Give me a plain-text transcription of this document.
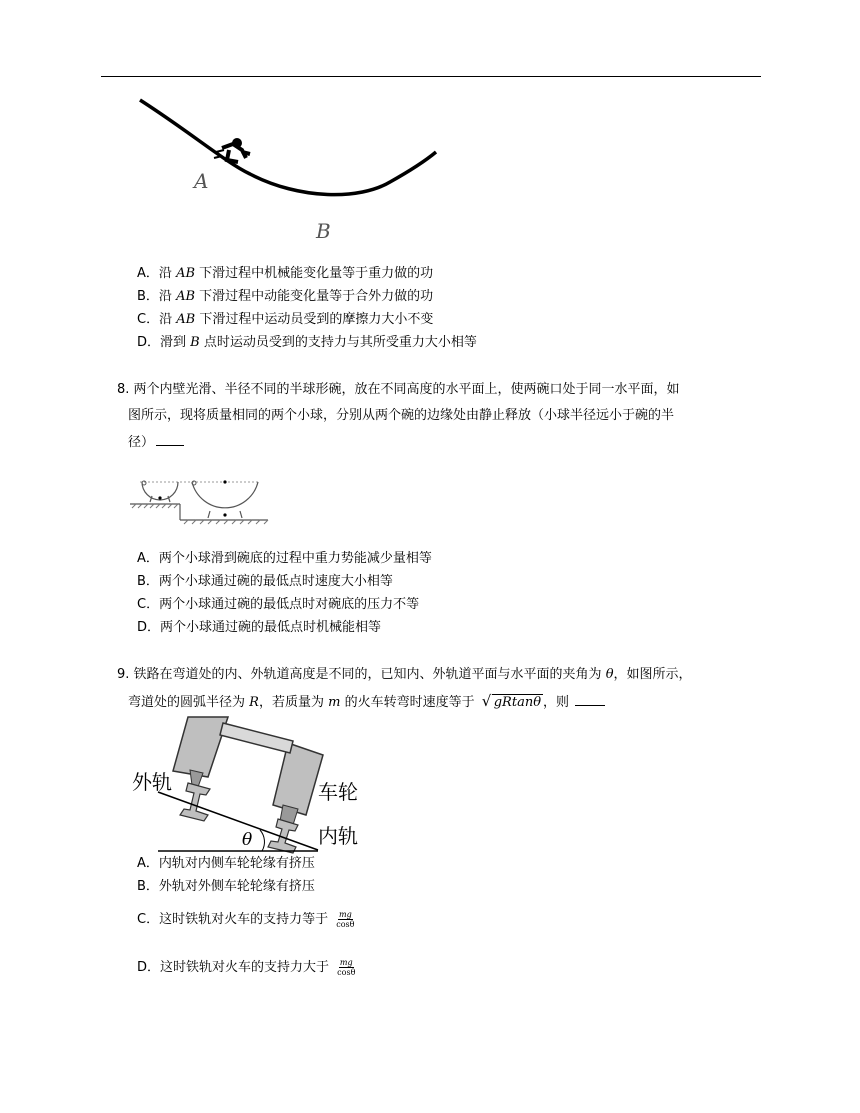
A
B
A．沿 AB 下滑过程中机械能变化量等于重力做的功
B．沿 AB 下滑过程中动能变化量等于合外力做的功
C．沿 AB 下滑过程中运动员受到的摩擦力大小不变
D．滑到 B 点时运动员受到的支持力与其所受重力大小相等
8. 两个内壁光滑、半径不同的半球形碗，放在不同高度的水平面上，使两碗口处于同一水平面，如
图所示，现将质量相同的两个小球，分别从两个碗的边缘处由静止释放（小球半径远小于碗的半
径）
A．两个小球滑到碗底的过程中重力势能减少量相等
B．两个小球通过碗的最低点时速度大小相等
C．两个小球通过碗的最低点时对碗底的压力不等
D．两个小球通过碗的最低点时机械能相等
9. 铁路在弯道处的内、外轨道高度是不同的，已知内、外轨道平面与水平面的夹角为 θ，如图所示，
弯道处的圆弧半径为 R，若质量为 m 的火车转弯时速度等于 √ gRtanθ ，则
外轨	车轮
内轨
θ
A．内轨对内侧车轮轮缘有挤压
B．外轨对外侧车轮轮缘有挤压
C．这时铁轨对火车的支持力等于 $\frac{mg}{\cos\theta}$
D．这时铁轨对火车的支持力大于 $\frac{mg}{\cos\theta}$
